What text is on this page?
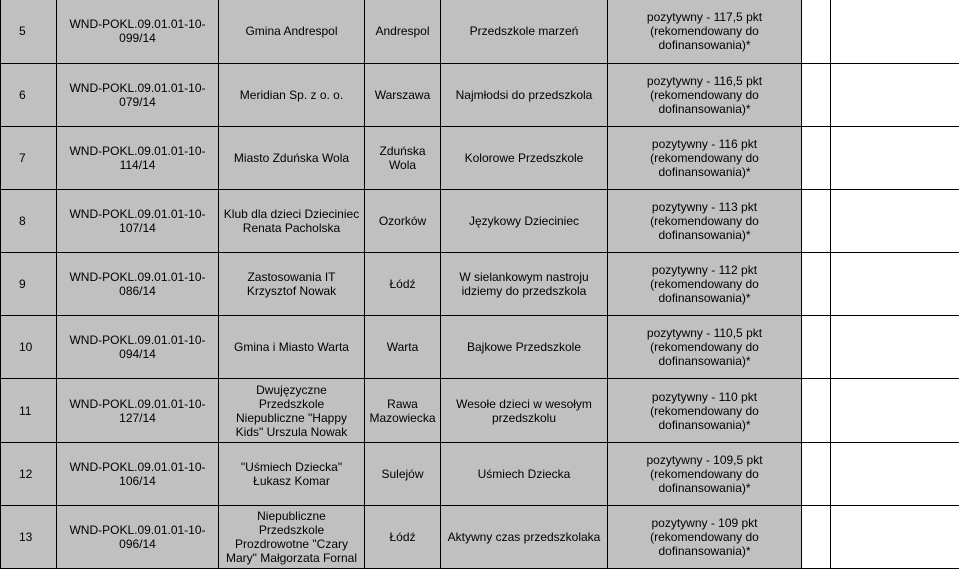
5	WND-POKL.09.01.01-10-099/14	Gmina Andrespol	Andrespol	Przedszkole marzeń	pozytywny - 117,5 pkt (rekomendowany do dofinansowania)*		
6	WND-POKL.09.01.01-10-079/14	Meridian Sp. z o. o.	Warszawa	Najmłodsi do przedszkola	pozytywny - 116,5 pkt (rekomendowany do dofinansowania)*		
7	WND-POKL.09.01.01-10-114/14	Miasto Zduńska Wola	Zduńska Wola	Kolorowe Przedszkole	pozytywny - 116 pkt (rekomendowany do dofinansowania)*		
8	WND-POKL.09.01.01-10-107/14	Klub dla dzieci Dzieciniec Renata Pacholska	Ozorków	Językowy Dzieciniec	pozytywny - 113 pkt (rekomendowany do dofinansowania)*		
9	WND-POKL.09.01.01-10-086/14	Zastosowania IT Krzysztof Nowak	Łódź	W sielankowym nastroju idziemy do przedszkola	pozytywny - 112 pkt (rekomendowany do dofinansowania)*		
10	WND-POKL.09.01.01-10-094/14	Gmina i Miasto Warta	Warta	Bajkowe Przedszkole	pozytywny - 110,5 pkt (rekomendowany do dofinansowania)*		
11	WND-POKL.09.01.01-10-127/14	Dwujęzyczne Przedszkole Niepubliczne "Happy Kids" Urszula Nowak	Rawa Mazowiecka	Wesołe dzieci w wesołym przedszkolu	pozytywny - 110 pkt (rekomendowany do dofinansowania)*		
12	WND-POKL.09.01.01-10-106/14	"Uśmiech Dziecka" Łukasz Komar	Sulejów	Uśmiech Dziecka	pozytywny - 109,5 pkt (rekomendowany do dofinansowania)*		
13	WND-POKL.09.01.01-10-096/14	Niepubliczne Przedszkole Prozdrowotne "Czary Mary" Małgorzata Fornal	Łódź	Aktywny czas przedszkolaka	pozytywny - 109 pkt (rekomendowany do dofinansowania)*		
